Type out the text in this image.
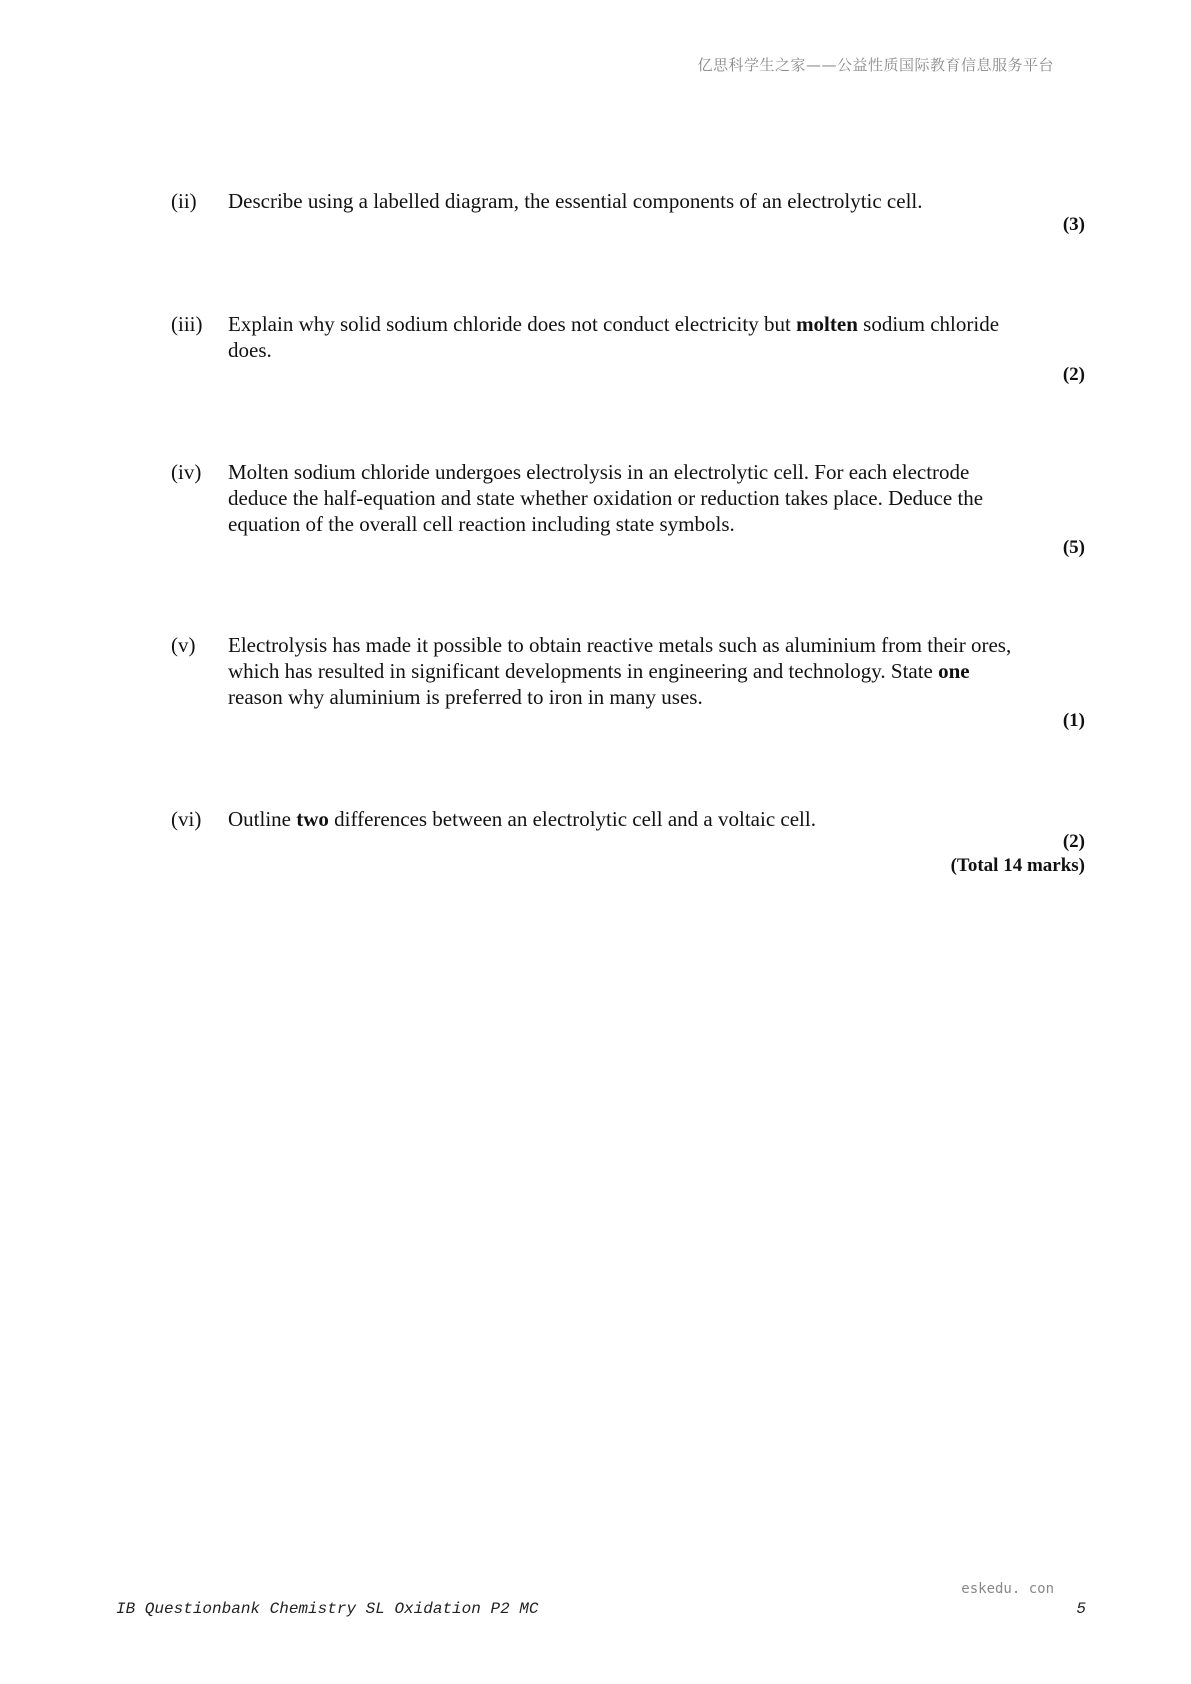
亿思科学生之家——公益性质国际教育信息服务平台
(ii) Describe using a labelled diagram, the essential components of an electrolytic cell.
(3)
(iii) Explain why solid sodium chloride does not conduct electricity but molten sodium chloride does.
(2)
(iv) Molten sodium chloride undergoes electrolysis in an electrolytic cell. For each electrode deduce the half-equation and state whether oxidation or reduction takes place. Deduce the equation of the overall cell reaction including state symbols.
(5)
(v) Electrolysis has made it possible to obtain reactive metals such as aluminium from their ores, which has resulted in significant developments in engineering and technology. State one reason why aluminium is preferred to iron in many uses.
(1)
(vi) Outline two differences between an electrolytic cell and a voltaic cell.
(2)
(Total 14 marks)
eskedu. con
IB Questionbank Chemistry SL Oxidation P2 MC	5
